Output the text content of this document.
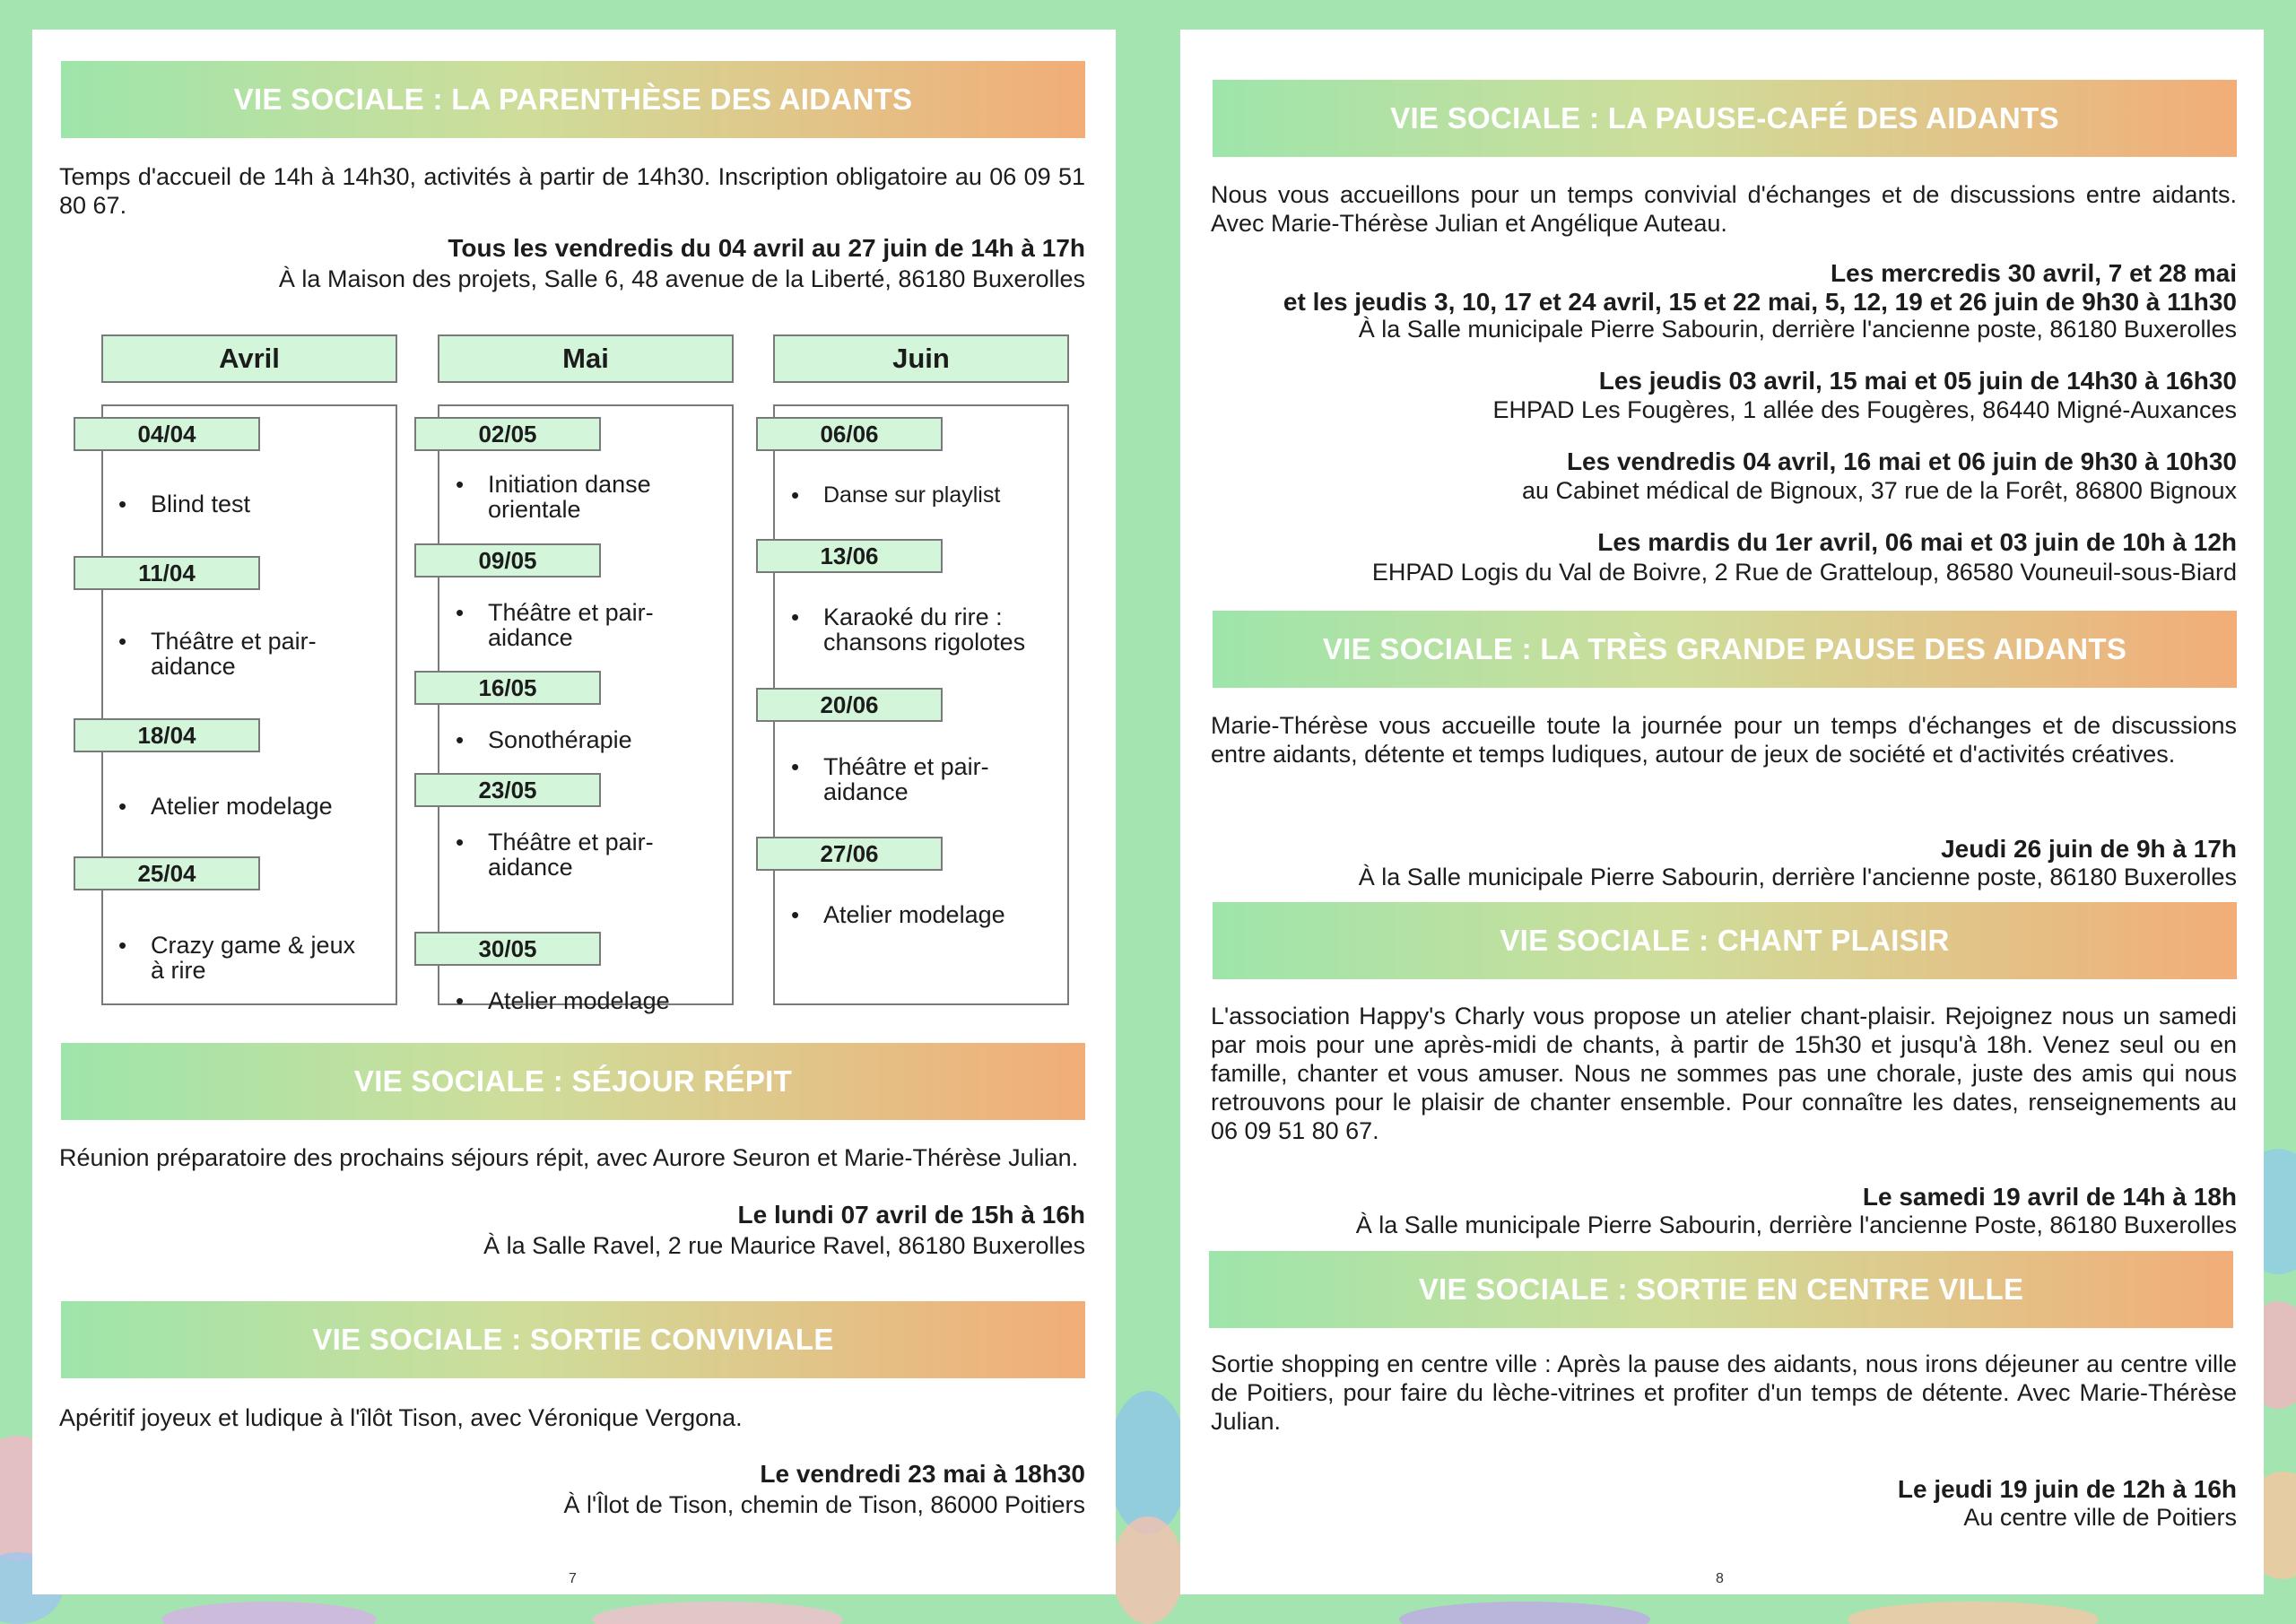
VIE SOCIALE : LA PARENTHÈSE DES AIDANTS

Temps d'accueil de 14h à 14h30, activités à partir de 14h30. Inscription obligatoire au 06 09 51 80 67.

Tous les vendredis du 04 avril au 27 juin de 14h à 17h
À la Maison des projets, Salle 6, 48 avenue de la Liberté, 86180 Buxerolles
Avril
04/04
• Blind test
11/04
• Théâtre et pair-aidance
18/04
• Atelier modelage
25/04
• Crazy game & jeux à rire
Mai
02/05
• Initiation danse orientale
09/05
• Théâtre et pair-aidance
16/05
• Sonothérapie
23/05
• Théâtre et pair-aidance
30/05
• Atelier modelage
Juin
06/06
• Danse sur playlist
13/06
• Karaoké du rire : chansons rigolotes
20/06
• Théâtre et pair-aidance
27/06
• Atelier modelage
VIE SOCIALE : SÉJOUR RÉPIT

Réunion préparatoire des prochains séjours répit, avec Aurore Seuron et Marie-Thérèse Julian.

Le lundi 07 avril de 15h à 16h
À la Salle Ravel, 2 rue Maurice Ravel, 86180 Buxerolles
VIE SOCIALE : SORTIE CONVIVIALE

Apéritif joyeux et ludique à l'îlôt Tison, avec Véronique Vergona.

Le vendredi 23 mai à 18h30
À l'Îlot de Tison, chemin de Tison, 86000 Poitiers
7
VIE SOCIALE : LA PAUSE-CAFÉ DES AIDANTS

Nous vous accueillons pour un temps convivial d'échanges et de discussions entre aidants. Avec Marie-Thérèse Julian et Angélique Auteau.

Les mercredis 30 avril, 7 et 28 mai
et les jeudis 3, 10, 17 et 24 avril, 15 et 22 mai, 5, 12, 19 et 26 juin de 9h30 à 11h30
À la Salle municipale Pierre Sabourin, derrière l'ancienne poste, 86180 Buxerolles
Les jeudis 03 avril, 15 mai et 05 juin de 14h30 à 16h30
EHPAD Les Fougères, 1 allée des Fougères, 86440 Migné-Auxances
Les vendredis 04 avril, 16 mai et 06 juin de 9h30 à 10h30
au Cabinet médical de Bignoux, 37 rue de la Forêt, 86800 Bignoux
Les mardis du 1er avril, 06 mai et 03 juin de 10h à 12h
EHPAD Logis du Val de Boivre, 2 Rue de Gratteloup, 86580 Vouneuil-sous-Biard
VIE SOCIALE : LA TRÈS GRANDE PAUSE DES AIDANTS

Marie-Thérèse vous accueille toute la journée pour un temps d'échanges et de discussions entre aidants, détente et temps ludiques, autour de jeux de société et d'activités créatives.

Jeudi 26 juin de 9h à 17h
À la Salle municipale Pierre Sabourin, derrière l'ancienne poste, 86180 Buxerolles
VIE SOCIALE : CHANT PLAISIR

L'association Happy's Charly vous propose un atelier chant-plaisir. Rejoignez nous un samedi par mois pour une après-midi de chants, à partir de 15h30 et jusqu'à 18h. Venez seul ou en famille, chanter et vous amuser. Nous ne sommes pas une chorale, juste des amis qui nous retrouvons pour le plaisir de chanter ensemble. Pour connaître les dates, renseignements au 06 09 51 80 67.

Le samedi 19 avril de 14h à 18h
À la Salle municipale Pierre Sabourin, derrière l'ancienne Poste, 86180 Buxerolles
VIE SOCIALE : SORTIE EN CENTRE VILLE

Sortie shopping en centre ville : Après la pause des aidants, nous irons déjeuner au centre ville de Poitiers, pour faire du lèche-vitrines et profiter d'un temps de détente. Avec Marie-Thérèse Julian.

Le jeudi 19 juin de 12h à 16h
Au centre ville de Poitiers
8
